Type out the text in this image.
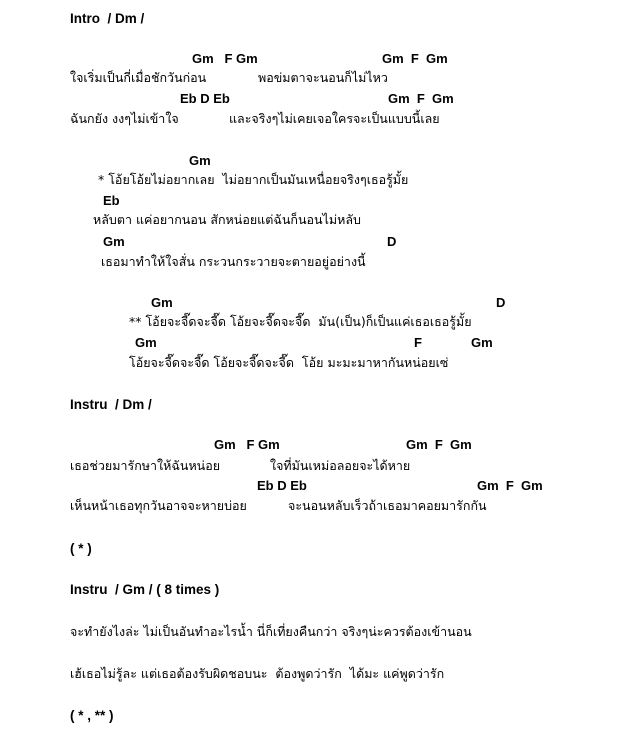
Intro  / Dm /
Gm   F Gm	Gm  F  Gm
ใจเริ่มเป็นกี่เมื่อชักวันก่อน	พอข่มตาจะนอนก็ไม่ไหว
Eb D Eb	Gm  F  Gm
ฉันกยัง งงๆไม่เข้าใจ	และจริงๆไม่เคยเจอใครจะเป็นแบบนี้เลย
Gm
* โอ้ยโอ้ยไม่อยากเลย  ไม่อยากเป็นมันเหนื่อยจริงๆเธอรู้มั้ย
Eb
หลับตา แค่อยากนอน สักหน่อยแต่ฉันก็นอนไม่หลับ
Gm	D
เธอมาทำให้ใจสั่น กระวนกระวายจะตายอยู่อย่างนี้
Gm	D
** โอ้ยจะจี๊ดจะจี๊ด โอ้ยจะจี๊ดจะจี๊ด  มัน(เป็น)ก็เป็นแค่เธอเธอรู้มั้ย
Gm	F	Gm
โอ้ยจะจี๊ดจะจี๊ด โอ้ยจะจี๊ดจะจี๊ด  โอ้ย มะมะมาหากันหน่อยเซ่
Instru  / Dm /
Gm   F Gm	Gm  F  Gm
เธอช่วยมารักษาให้ฉันหน่อย	ใจที่มันเหม่อลอยจะได้หาย
Eb D Eb	Gm  F  Gm
เห็นหน้าเธอทุกวันอาจจะหายบ่อย	จะนอนหลับเร็วถ้าเธอมาคอยมารักกัน
( * )
Instru  / Gm / ( 8 times )
จะทำยังไงล่ะ ไม่เป็นอันทำอะไรน้ำ นี่ก็เที่ยงคืนกว่า จริงๆน่ะควรต้องเข้านอน
เฮ้เธอไม่รู้ละ แต่เธอต้องรับผิดชอบนะ  ต้องพูดว่ารัก  ได้มะ แค่พูดว่ารัก
( * , ** )
